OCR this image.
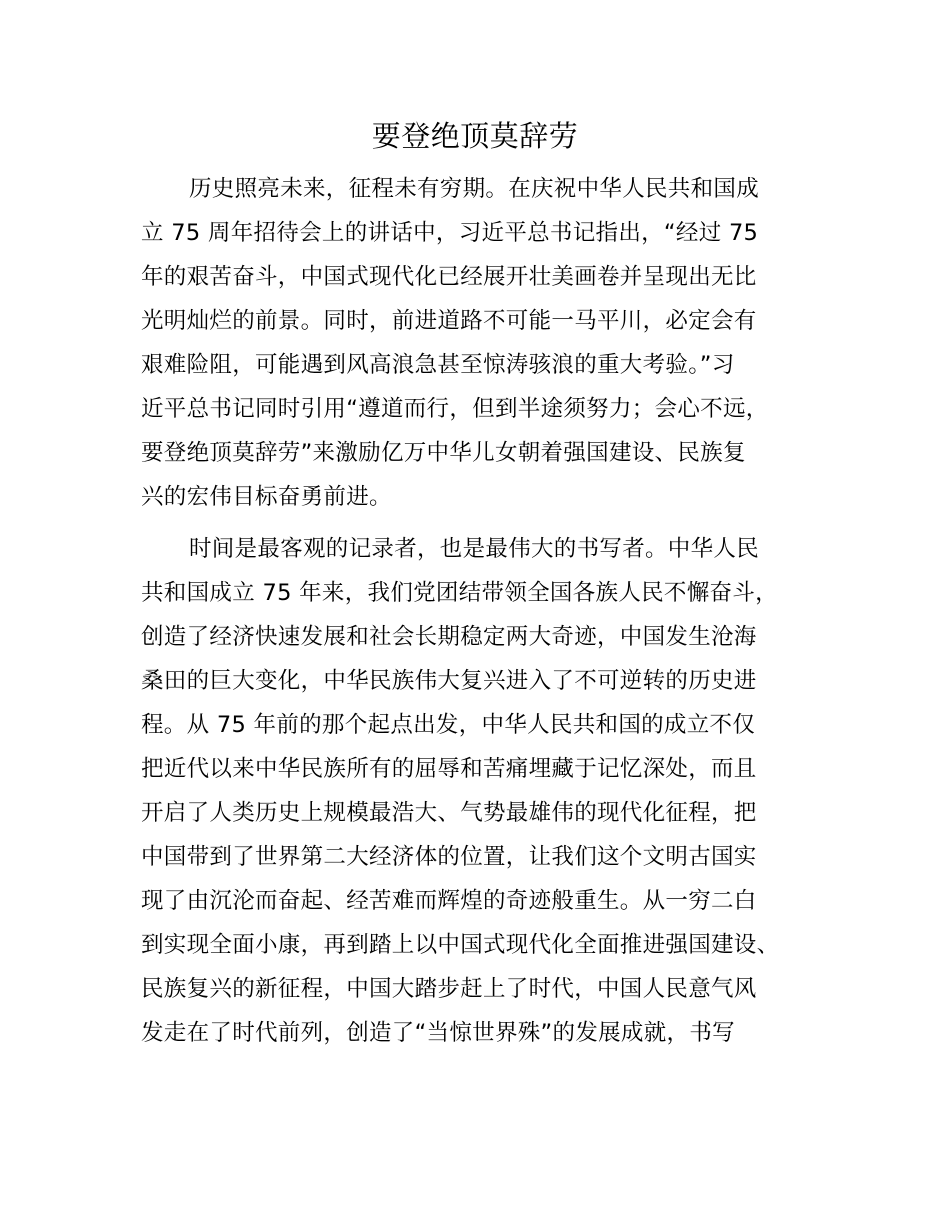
要登绝顶莫辞劳
历史照亮未来，征程未有穷期。在庆祝中华人民共和国成
立 75 周年招待会上的讲话中，习近平总书记指出，“经过 75
年的艰苦奋斗，中国式现代化已经展开壮美画卷并呈现出无比
光明灿烂的前景。同时，前进道路不可能一马平川，必定会有
艰难险阻，可能遇到风高浪急甚至惊涛骇浪的重大考验。”习
近平总书记同时引用“遵道而行，但到半途须努力；会心不远，
要登绝顶莫辞劳”来激励亿万中华儿女朝着强国建设、民族复
兴的宏伟目标奋勇前进。
时间是最客观的记录者，也是最伟大的书写者。中华人民
共和国成立 75 年来，我们党团结带领全国各族人民不懈奋斗，
创造了经济快速发展和社会长期稳定两大奇迹，中国发生沧海
桑田的巨大变化，中华民族伟大复兴进入了不可逆转的历史进
程。从 75 年前的那个起点出发，中华人民共和国的成立不仅
把近代以来中华民族所有的屈辱和苦痛埋藏于记忆深处，而且
开启了人类历史上规模最浩大、气势最雄伟的现代化征程，把
中国带到了世界第二大经济体的位置，让我们这个文明古国实
现了由沉沦而奋起、经苦难而辉煌的奇迹般重生。从一穷二白
到实现全面小康，再到踏上以中国式现代化全面推进强国建设、
民族复兴的新征程，中国大踏步赶上了时代，中国人民意气风
发走在了时代前列，创造了“当惊世界殊”的发展成就，书写
